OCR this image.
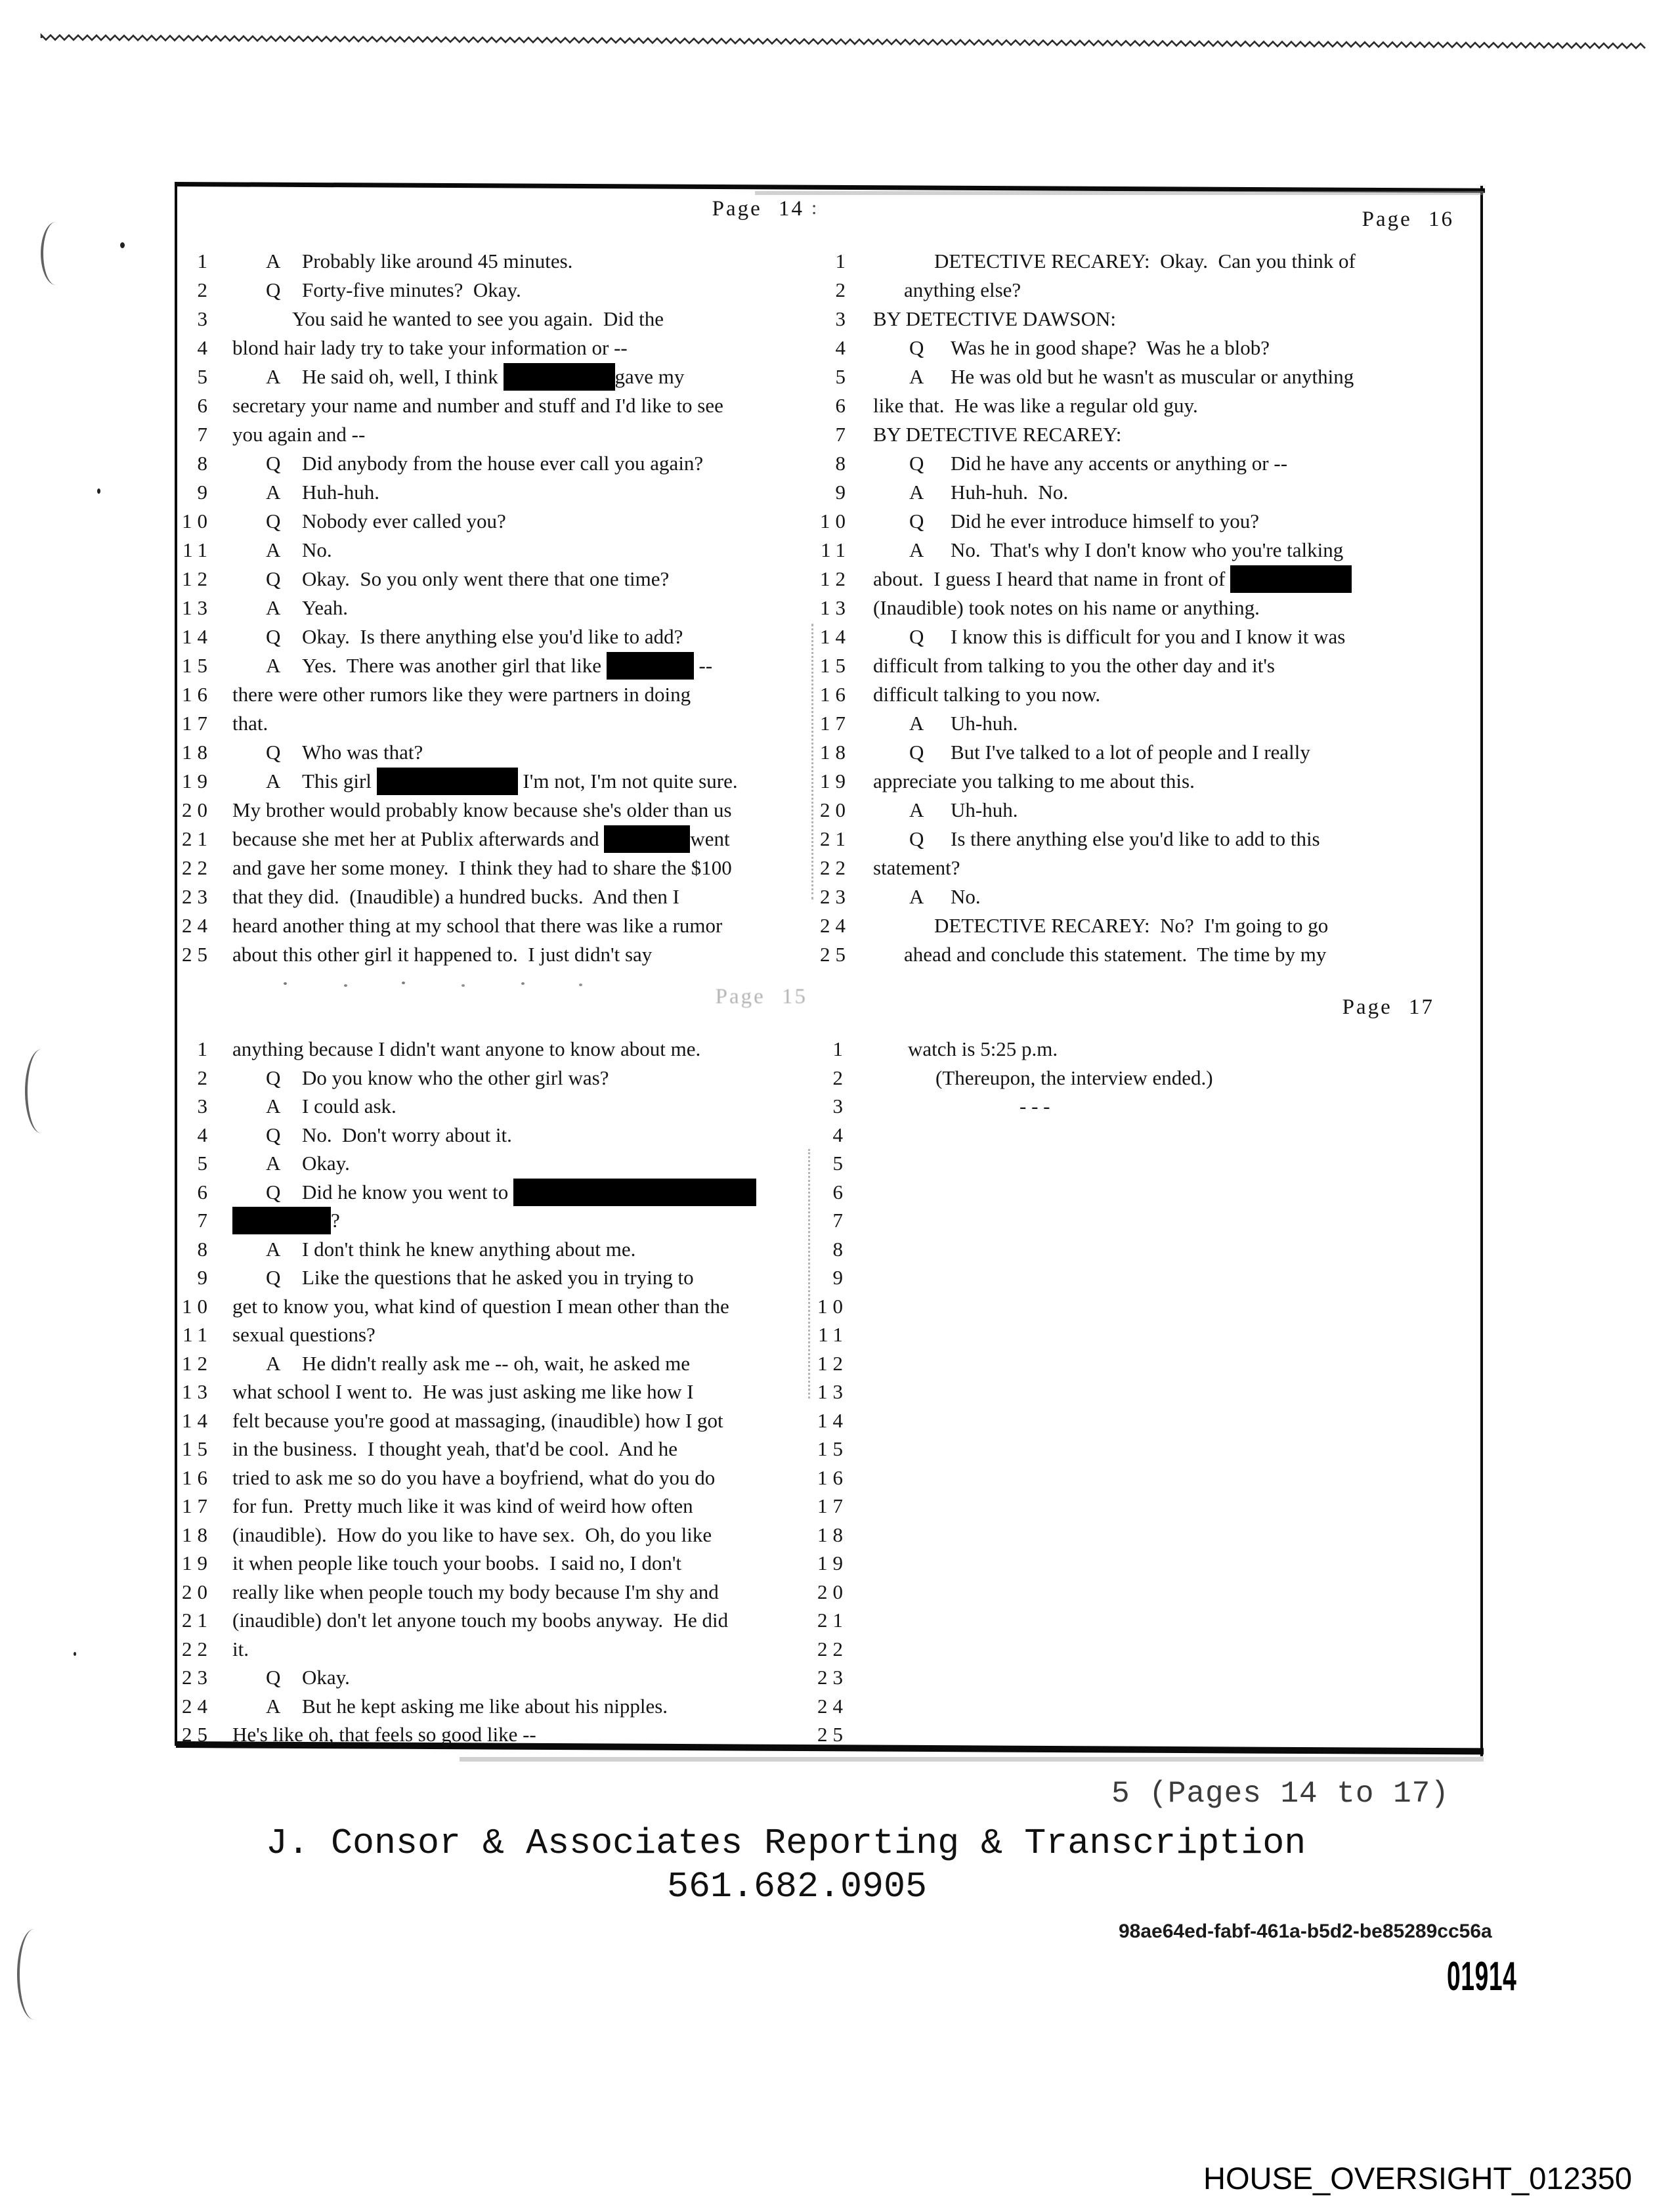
Page 14 :	Page 16
Page 15	Page 17
1
2
3
4
5
6
7
8
9
10
11
12
13
14
15
16
17
18
19
20
21
22
23
24
25
1
2
3
4
5
6
7
8
9
10
11
12
13
14
15
16
17
18
19
20
21
22
23
24
25
1
2
3
4
5
6
7
8
9
10
11
12
13
14
15
16
17
18
19
20
21
22
23
24
25
1
2
3
4
5
6
7
8
9
10
11
12
13
14
15
16
17
18
19
20
21
22
23
24
25
A Probably like around 45 minutes.
Q Forty-five minutes?  Okay.
You said he wanted to see you again.  Did the
blond hair lady try to take your information or --
A He said oh, well, I think	gave my
secretary your name and number and stuff and I'd like to see
you again and --
Q Did anybody from the house ever call you again?
A Huh-huh.
Q Nobody ever called you?
A No.
Q Okay.  So you only went there that one time?
A Yeah.
Q Okay.  Is there anything else you'd like to add?
A Yes.  There was another girl that like	--
there were other rumors like they were partners in doing
that.
Q Who was that?
A This girl	I'm not, I'm not quite sure.
My brother would probably know because she's older than us
because she met her at Publix afterwards and	went
and gave her some money.  I think they had to share the $100
that they did.  (Inaudible) a hundred bucks.  And then I
heard another thing at my school that there was like a rumor
about this other girl it happened to.  I just didn't say
DETECTIVE RECAREY:  Okay.  Can you think of
anything else?
BY DETECTIVE DAWSON:
Q Was he in good shape?  Was he a blob?
A He was old but he wasn't as muscular or anything
like that.  He was like a regular old guy.
BY DETECTIVE RECAREY:
Q Did he have any accents or anything or --
A Huh-huh.  No.
Q Did he ever introduce himself to you?
A No.  That's why I don't know who you're talking
about.  I guess I heard that name in front of
(Inaudible) took notes on his name or anything.
Q I know this is difficult for you and I know it was
difficult from talking to you the other day and it's
difficult talking to you now.
A Uh-huh.
Q But I've talked to a lot of people and I really
appreciate you talking to me about this.
A Uh-huh.
Q Is there anything else you'd like to add to this
statement?
A No.
DETECTIVE RECAREY:  No?  I'm going to go
ahead and conclude this statement.  The time by my
anything because I didn't want anyone to know about me.
Q Do you know who the other girl was?
A I could ask.
Q No.  Don't worry about it.
A Okay.
Q Did he know you went to
?
A I don't think he knew anything about me.
Q Like the questions that he asked you in trying to
get to know you, what kind of question I mean other than the
sexual questions?
A He didn't really ask me -- oh, wait, he asked me
what school I went to.  He was just asking me like how I
felt because you're good at massaging, (inaudible) how I got
in the business.  I thought yeah, that'd be cool.  And he
tried to ask me so do you have a boyfriend, what do you do
for fun.  Pretty much like it was kind of weird how often
(inaudible).  How do you like to have sex.  Oh, do you like
it when people like touch your boobs.  I said no, I don't
really like when people touch my body because I'm shy and
(inaudible) don't let anyone touch my boobs anyway.  He did
it.
Q Okay.
A But he kept asking me like about his nipples.
He's like oh, that feels so good like --
watch is 5:25 p.m.
(Thereupon, the interview ended.)
- - -
5 (Pages 14 to 17)
J. Consor & Associates Reporting & Transcription
561.682.0905
98ae64ed-fabf-461a-b5d2-be85289cc56a
01914
HOUSE_OVERSIGHT_012350
